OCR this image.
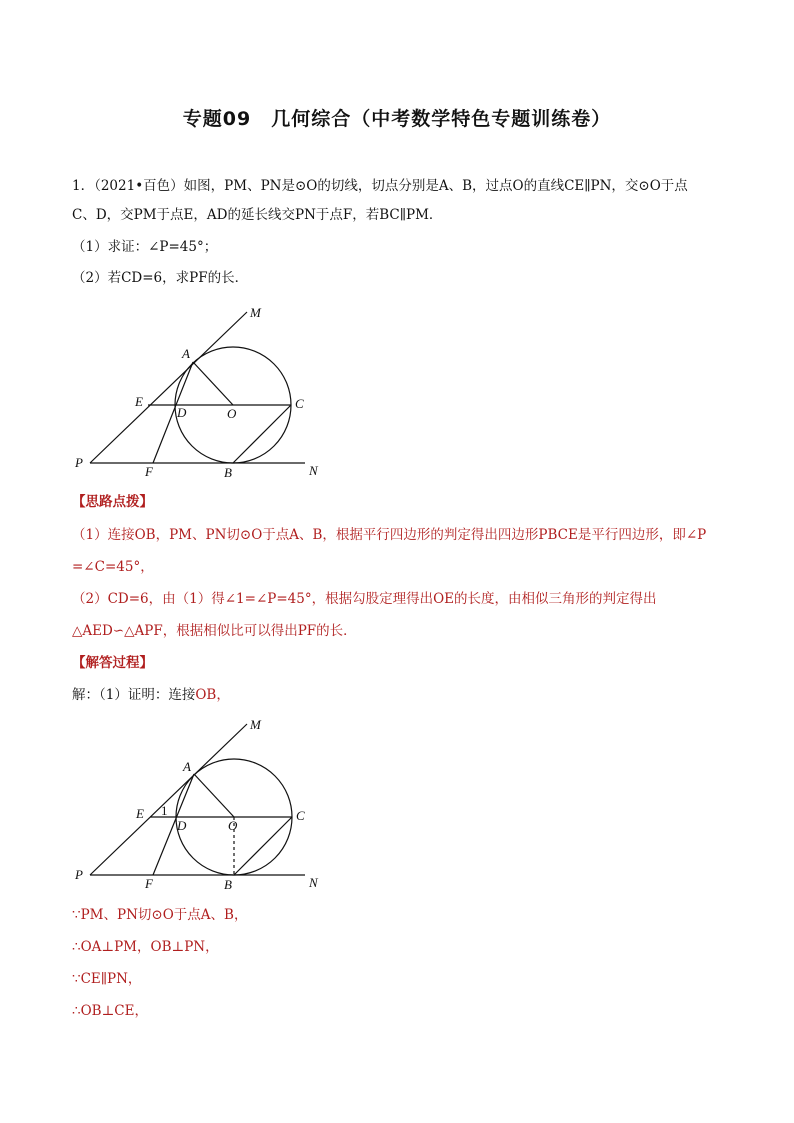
专题09　几何综合（中考数学特色专题训练卷）
1．（2021•百色）如图，PM、PN是⊙O的切线，切点分别是A、B，过点O的直线CE∥PN，交⊙O于点
C、D，交PM于点E，AD的延长线交PN于点F，若BC∥PM．
（1）求证：∠P=45°；
（2）若CD=6，求PF的长．
M
A
E
D	O
C
P
F	B	N
【思路点拨】
（1）连接OB，PM、PN切⊙O于点A、B，根据平行四边形的判定得出四边形PBCE是平行四边形，即∠P
=∠C=45°，
（2）CD=6，由（1）得∠1=∠P=45°，根据勾股定理得出OE的长度，由相似三角形的判定得出
△AED∽△APF，根据相似比可以得出PF的长．
【解答过程】
解：（1）证明：连接OB，
M
A
E 1
D	O
C
P
F	B	N
∵PM、PN切⊙O于点A、B，
∴OA⊥PM，OB⊥PN，
∵CE∥PN，
∴OB⊥CE，
